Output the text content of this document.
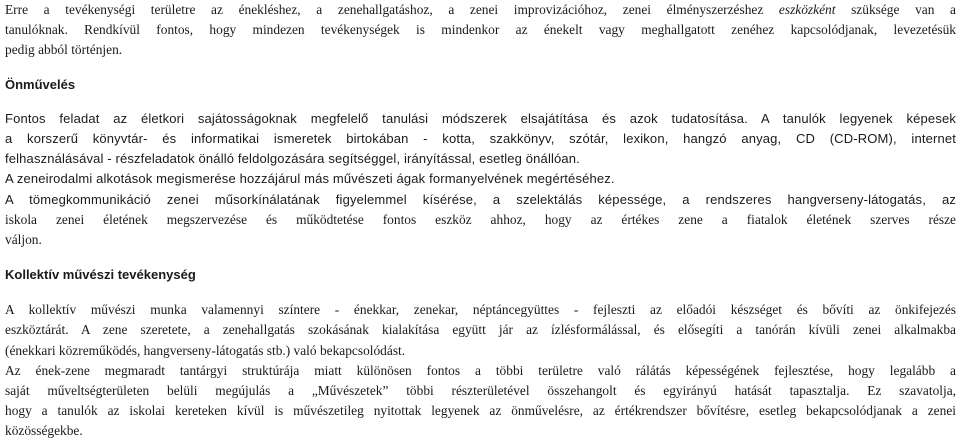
Erre a tevékenységi területre az énekléshez, a zenehallgatáshoz, a zenei improvizációhoz, zenei élményszerzéshez eszközként szüksége van a
tanulóknak. Rendkívül fontos, hogy mindezen tevékenységek is mindenkor az énekelt vagy meghallgatott zenéhez kapcsolódjanak, levezetésük
pedig abból történjen.
Önművelés
Fontos feladat az életkori sajátosságoknak megfelelő tanulási módszerek elsajátítása és azok tudatosítása. A tanulók legyenek képesek
a korszerű könyvtár- és informatikai ismeretek birtokában - kotta, szakkönyv, szótár, lexikon, hangzó anyag, CD (CD-ROM), internet
felhasználásával - részfeladatok önálló feldolgozására segítséggel, irányítással, esetleg önállóan.
A zeneirodalmi alkotások megismerése hozzájárul más művészeti ágak formanyelvének megértéséhez.
A tömegkommunikáció zenei műsorkínálatának figyelemmel kísérése, a szelektálás képessége, a rendszeres hangverseny-látogatás, az
iskola zenei életének megszervezése és működtetése fontos eszköz ahhoz, hogy az értékes zene a fiatalok életének szerves része
váljon.
Kollektív művészi tevékenység
A kollektív művészi munka valamennyi színtere - énekkar, zenekar, néptáncegyüttes - fejleszti az előadói készséget és bővíti az önkifejezés
eszköztárát. A zene szeretete, a zenehallgatás szokásának kialakítása együtt jár az ízlésformálással, és elősegíti a tanórán kívüli zenei alkalmakba
(énekkari közreműködés, hangverseny-látogatás stb.) való bekapcsolódást.
Az ének-zene megmaradt tantárgyi struktúrája miatt különösen fontos a többi területre való rálátás képességének fejlesztése, hogy legalább a
saját műveltségterületen belüli megújulás a „Művészetek” többi részterületével összehangolt és egyirányú hatását tapasztalja. Ez szavatolja,
hogy a tanulók az iskolai kereteken kívül is művészetileg nyitottak legyenek az önművelésre, az értékrendszer bővítésre, esetleg bekapcsolódjanak a zenei
közösségekbe.
